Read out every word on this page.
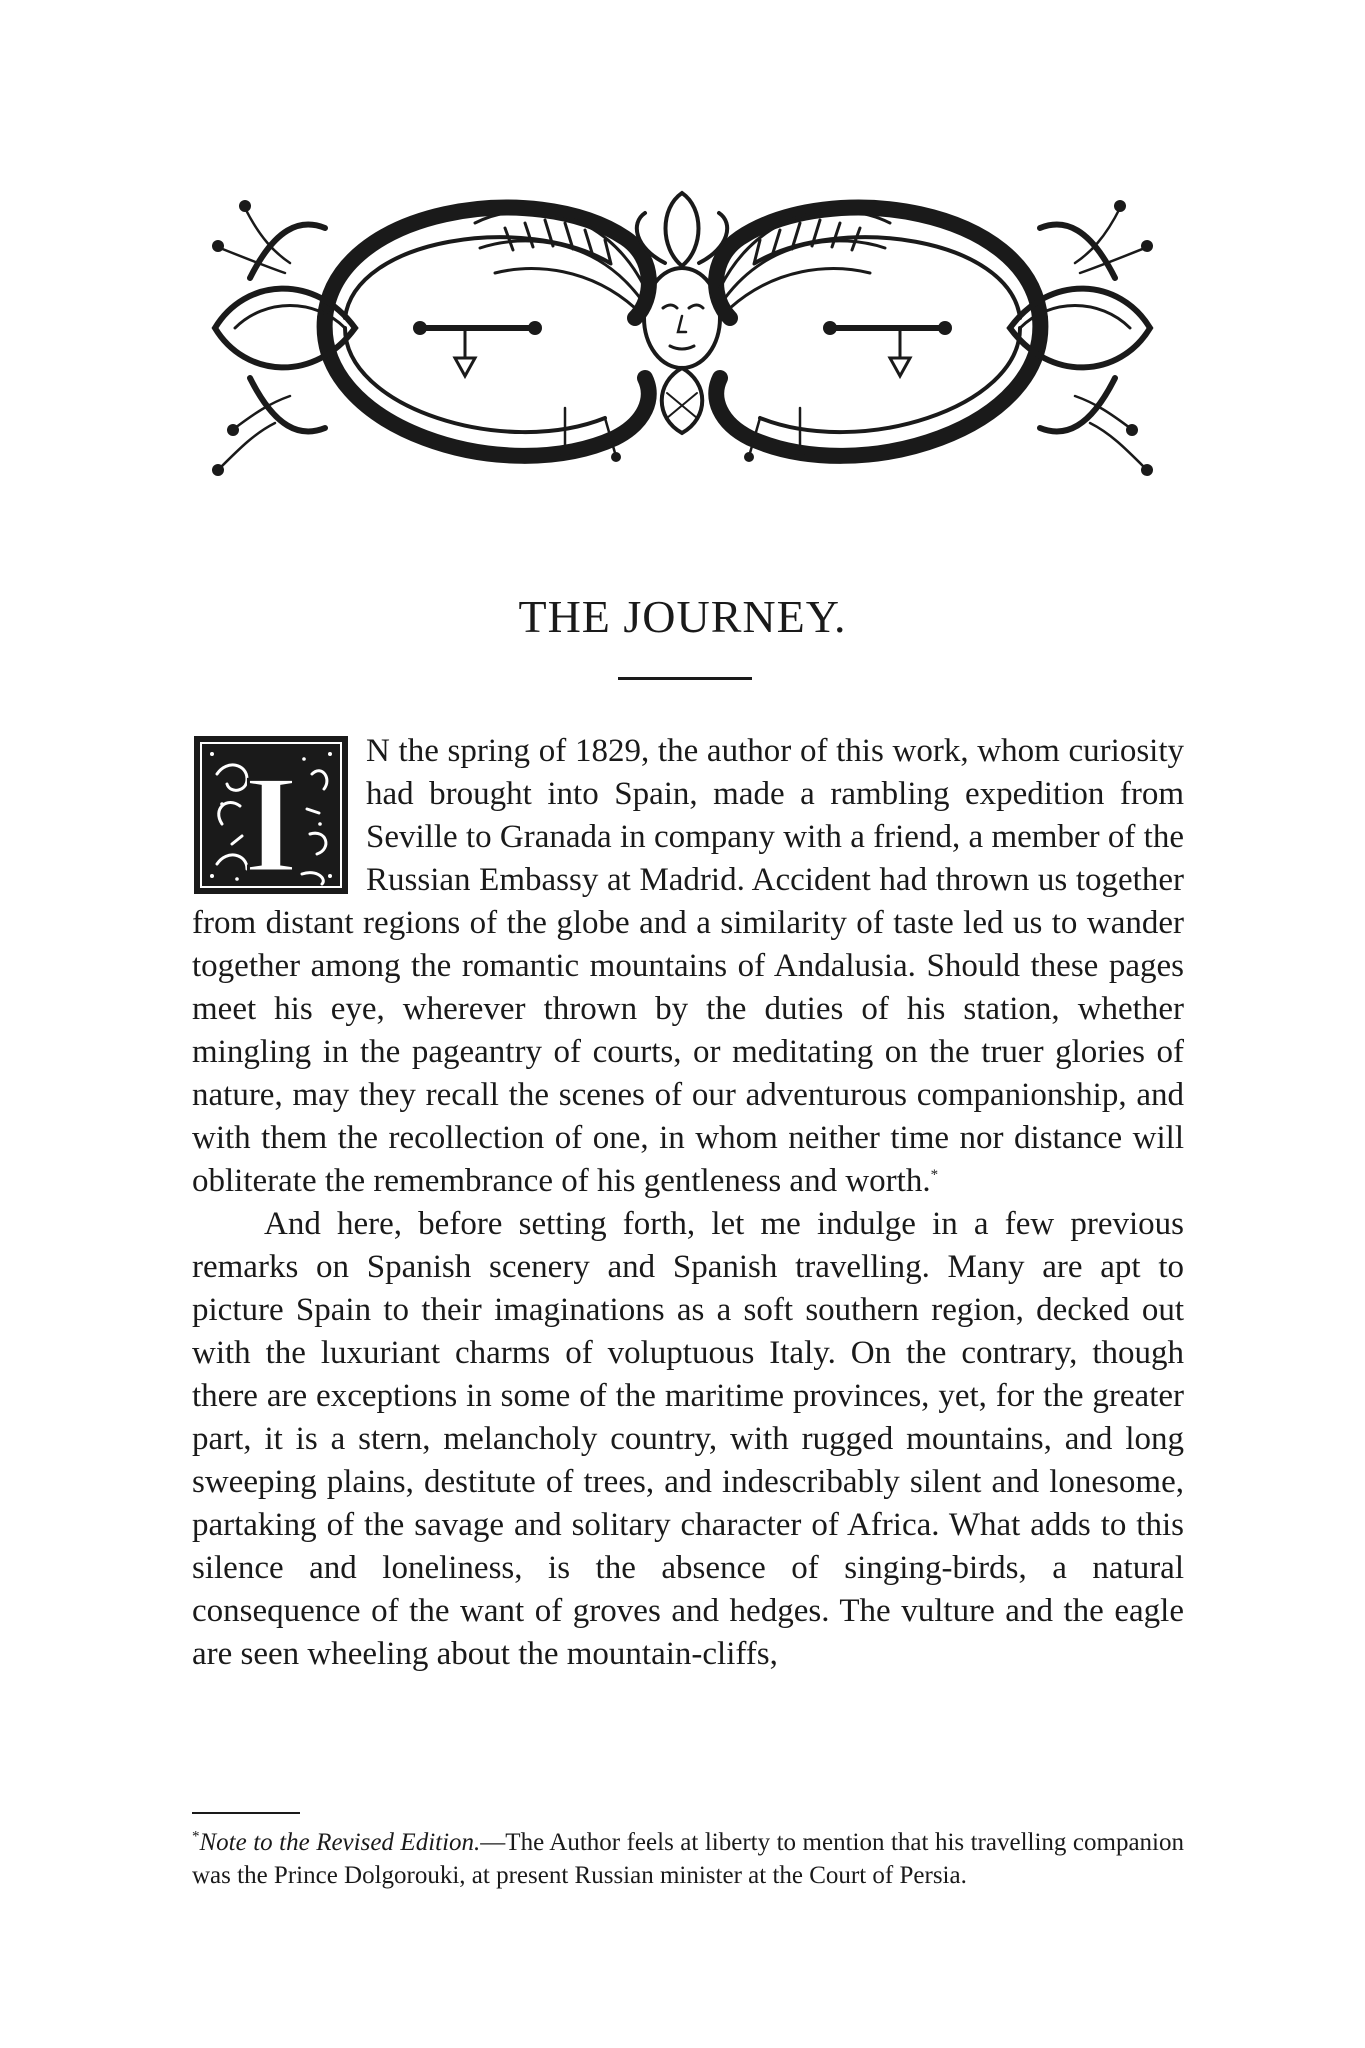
THE JOURNEY.

I N the spring of 1829, the author of this work, whom curiosity had brought into Spain, made a rambling expedition from Seville to Granada in company with a friend, a member of the Russian Embassy at Madrid. Accident had thrown us together from distant regions of the globe and a similarity of taste led us to wander together among the romantic mountains of Andalusia. Should these pages meet his eye, wherever thrown by the duties of his station, whether mingling in the pageantry of courts, or meditating on the truer glories of nature, may they recall the scenes of our adventurous companionship, and with them the recollection of one, in whom neither time nor distance will obliterate the remembrance of his gentleness and worth.*

And here, before setting forth, let me indulge in a few previous remarks on Spanish scenery and Spanish travelling. Many are apt to picture Spain to their imaginations as a soft southern region, decked out with the luxuriant charms of voluptuous Italy. On the contrary, though there are exceptions in some of the maritime provinces, yet, for the greater part, it is a stern, melancholy country, with rugged mountains, and long sweeping plains, destitute of trees, and indescribably silent and lonesome, partaking of the savage and solitary character of Africa. What adds to this silence and loneliness, is the absence of singing-birds, a natural consequence of the want of groves and hedges. The vulture and the eagle are seen wheeling about the mountain-cliffs,

*Note to the Revised Edition.—The Author feels at liberty to mention that his travelling companion was the Prince Dolgorouki, at present Russian minister at the Court of Persia.
